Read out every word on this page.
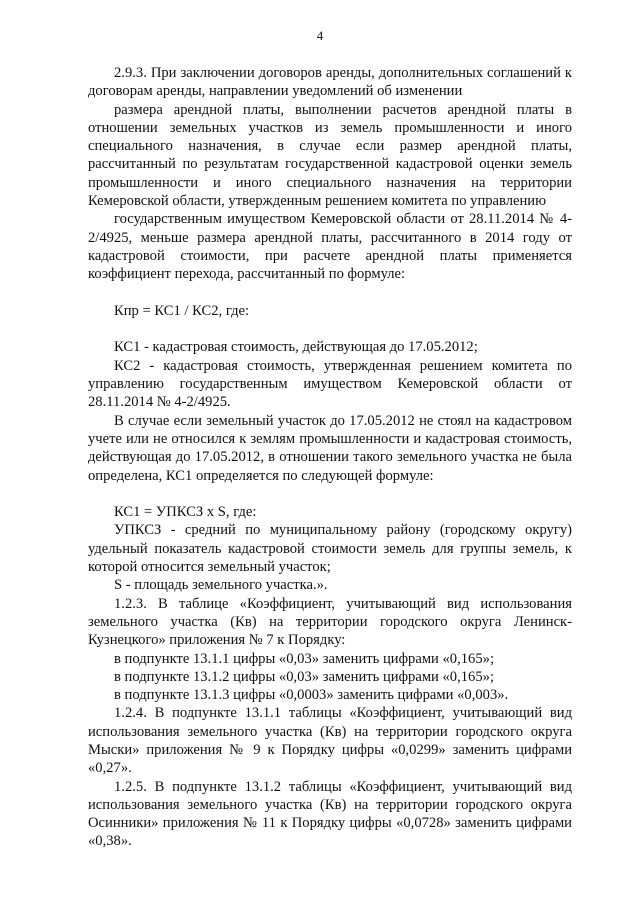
4

2.9.3. При заключении договоров аренды, дополнительных соглашений к договорам аренды, направлении уведомлений об изменении

размера арендной платы, выполнении расчетов арендной платы в отношении земельных участков из земель промышленности и иного специального назначения, в случае если размер арендной платы, рассчитанный по результатам государственной кадастровой оценки земель промышленности и иного специального назначения на территории Кемеровской области, утвержденным решением комитета по управлению

государственным имуществом Кемеровской области от 28.11.2014 № 4-2/4925, меньше размера арендной платы, рассчитанного в 2014 году от кадастровой стоимости, при расчете арендной платы применяется коэффициент перехода, рассчитанный по формуле:

Кпр = КС1 / КС2, где:

КС1 - кадастровая стоимость, действующая до 17.05.2012;

КС2 - кадастровая стоимость, утвержденная решением комитета по управлению государственным имуществом Кемеровской области от 28.11.2014 № 4-2/4925.

В случае если земельный участок до 17.05.2012 не стоял на кадастровом учете или не относился к землям промышленности и кадастровая стоимость, действующая до 17.05.2012, в отношении такого земельного участка не была определена, КС1 определяется по следующей формуле:

КС1 = УПКСЗ x S, где:

УПКСЗ - средний по муниципальному району (городскому округу) удельный показатель кадастровой стоимости земель для группы земель, к которой относится земельный участок;

S - площадь земельного участка.».

1.2.3. В таблице «Коэффициент, учитывающий вид использования земельного участка (Кв) на территории городского округа Ленинск-Кузнецкого» приложения № 7 к Порядку:

в подпункте 13.1.1 цифры «0,03» заменить цифрами «0,165»;

в подпункте 13.1.2 цифры «0,03» заменить цифрами «0,165»;

в подпункте 13.1.3 цифры «0,0003» заменить цифрами «0,003».

1.2.4. В подпункте 13.1.1 таблицы «Коэффициент, учитывающий вид использования земельного участка (Кв) на территории городского округа Мыски» приложения № 9 к Порядку цифры «0,0299» заменить цифрами «0,27».

1.2.5. В подпункте 13.1.2 таблицы «Коэффициент, учитывающий вид использования земельного участка (Кв) на территории городского округа Осинники» приложения № 11 к Порядку цифры «0,0728» заменить цифрами «0,38».
